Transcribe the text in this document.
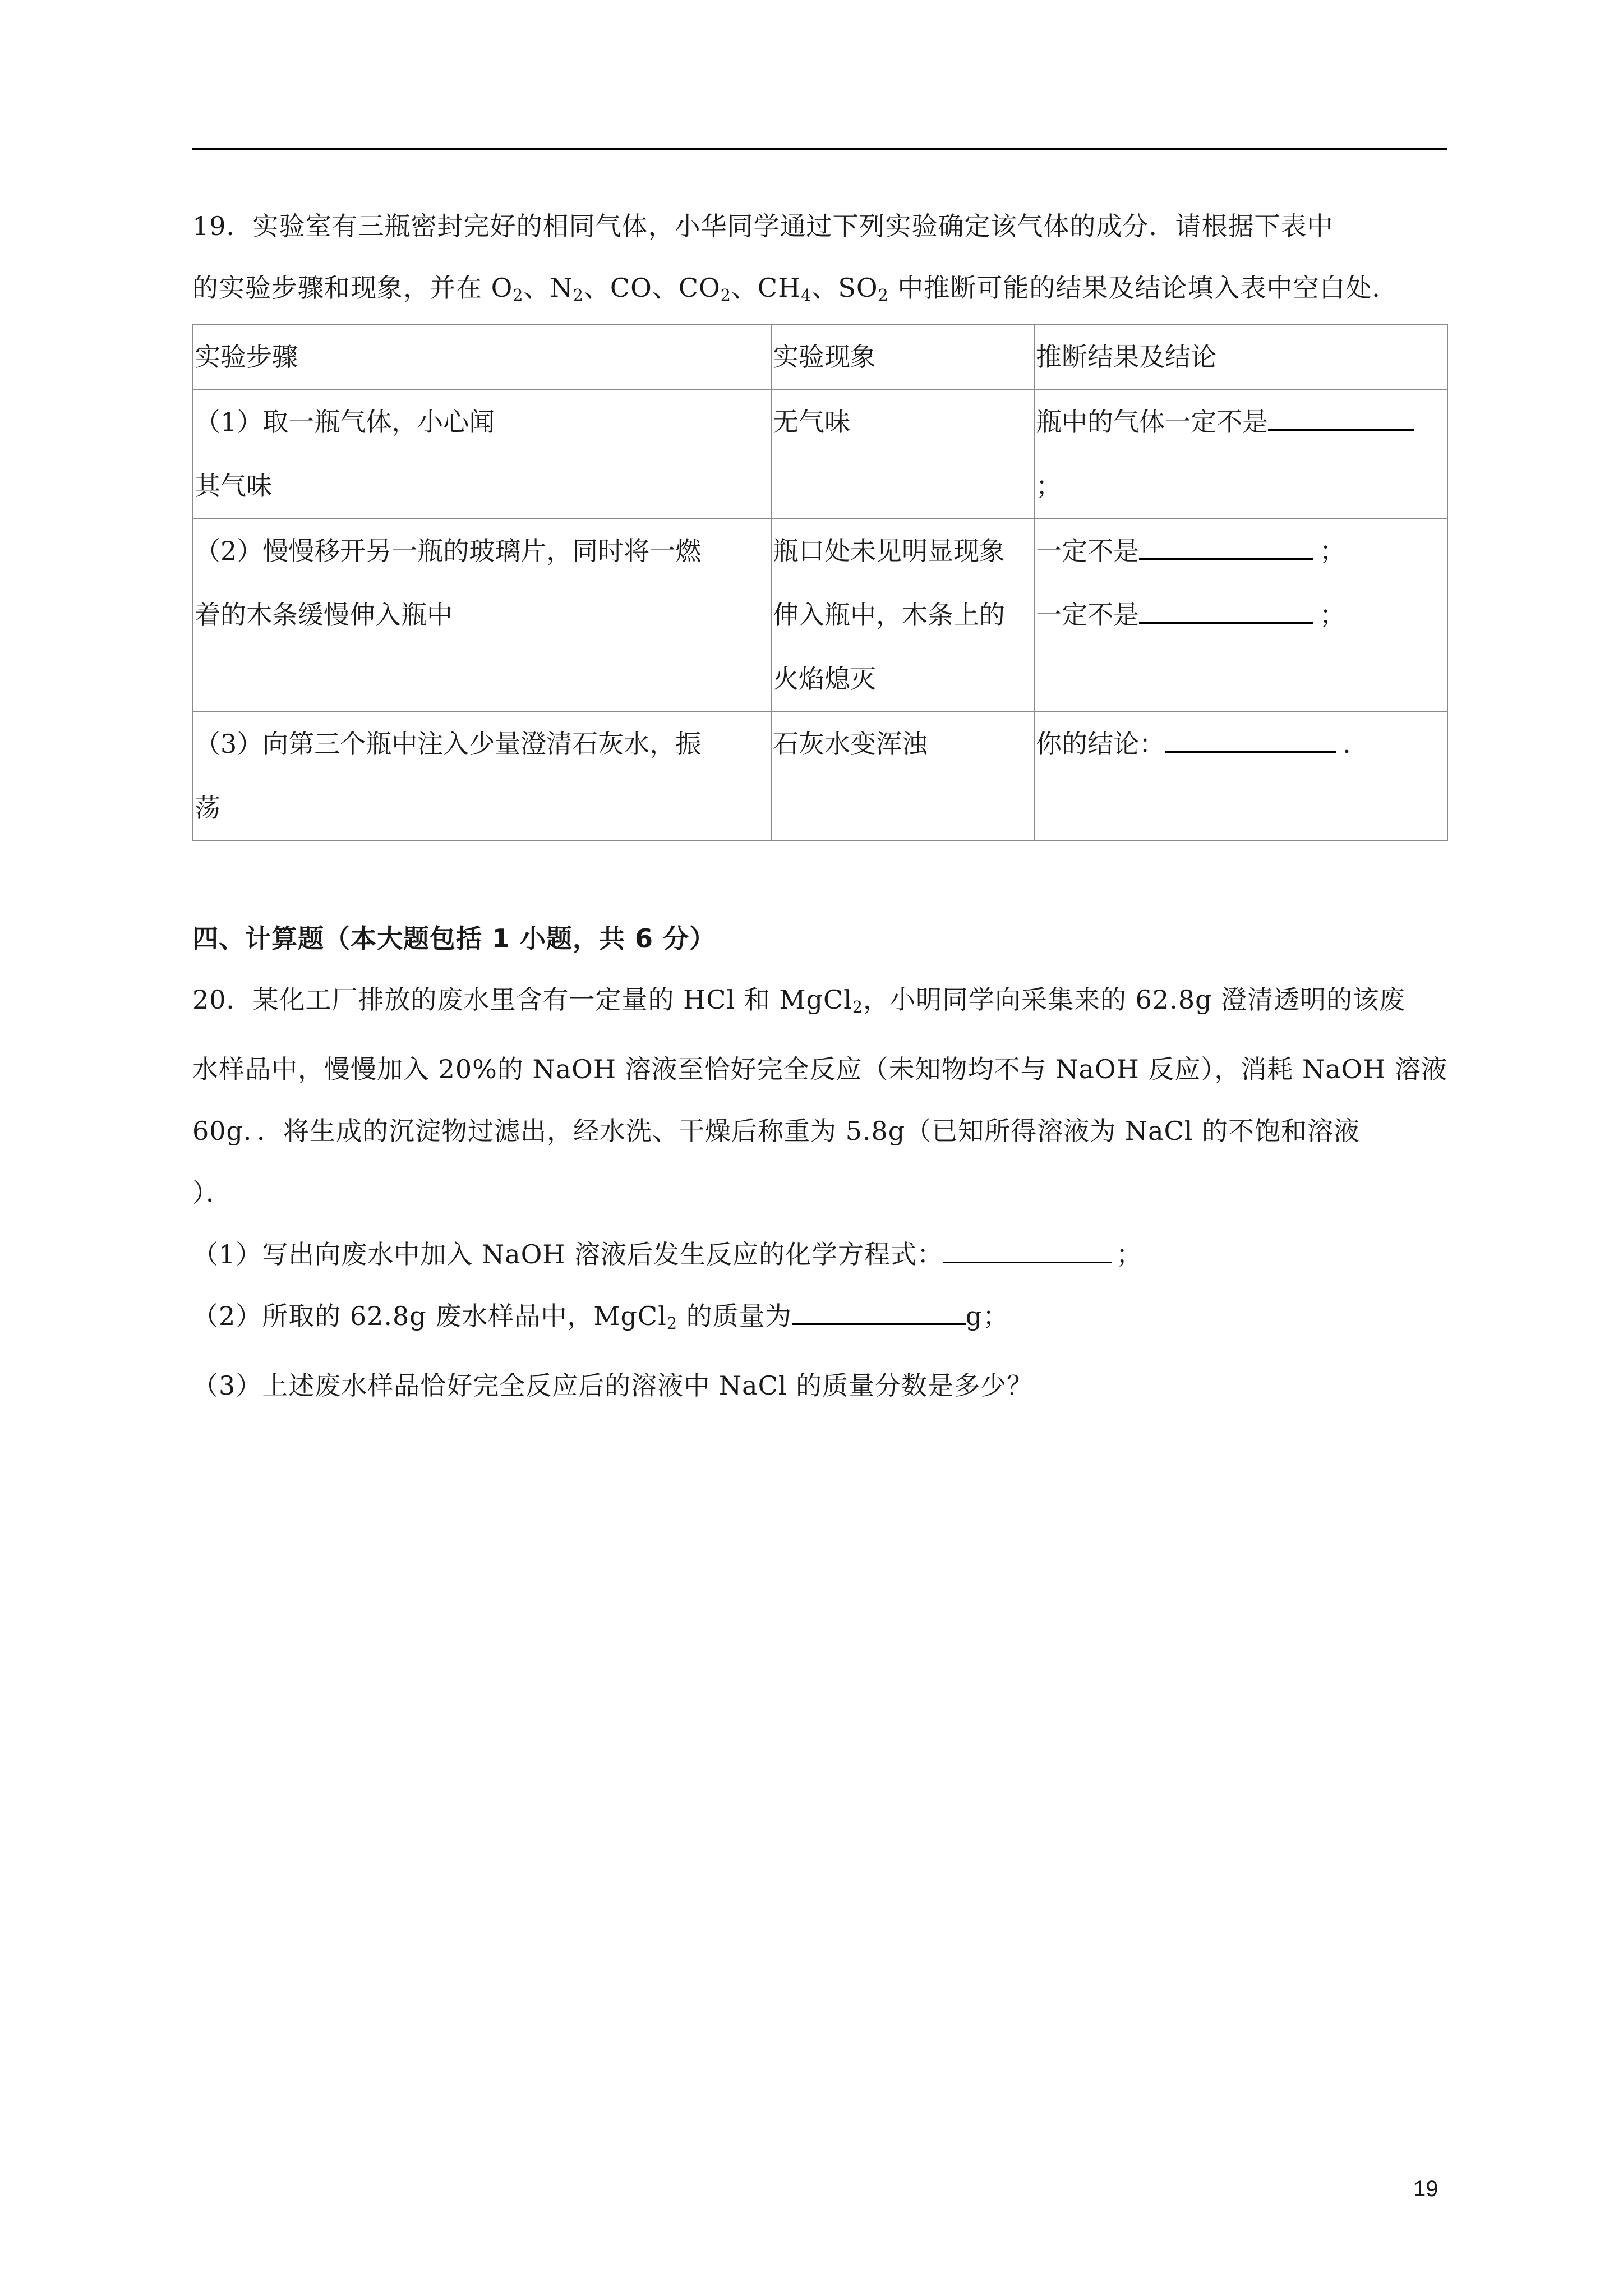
19．实验室有三瓶密封完好的相同气体，小华同学通过下列实验确定该气体的成分．请根据下表中
的实验步骤和现象，并在 $O_2$、$N_2$、CO、$CO_2$、$CH_4$、$SO_2$ 中推断可能的结果及结论填入表中空白处．
实验步骤	实验现象	推断结果及结论

（1）取一瓶气体，小心闻
其气味	无气味	瓶中的气体一定不是
；

（2）慢慢移开另一瓶的玻璃片，同时将一燃
着的木条缓慢伸入瓶中	瓶口处未见明显现象
伸入瓶中，木条上的
火焰熄灭	一定不是 ；
一定不是 ；

（3）向第三个瓶中注入少量澄清石灰水，振
荡	石灰水变浑浊	你的结论： .
四、计算题（本大题包括 1 小题，共 6 分）
20．某化工厂排放的废水里含有一定量的 HCl 和 MgCl$_2$，小明同学向采集来的 62.8g 澄清透明的该废
水样品中，慢慢加入 20%的 NaOH 溶液至恰好完全反应（未知物均不与 NaOH 反应），消耗 NaOH 溶液
60g．．将生成的沉淀物过滤出，经水洗、干燥后称重为 5.8g（已知所得溶液为 NaCl 的不饱和溶液
）．
（1）写出向废水中加入 NaOH 溶液后发生反应的化学方程式：	；
（2）所取的 62.8g 废水样品中，MgCl$_2$ 的质量为	g；
（3）上述废水样品恰好完全反应后的溶液中 NaCl 的质量分数是多少？
19
